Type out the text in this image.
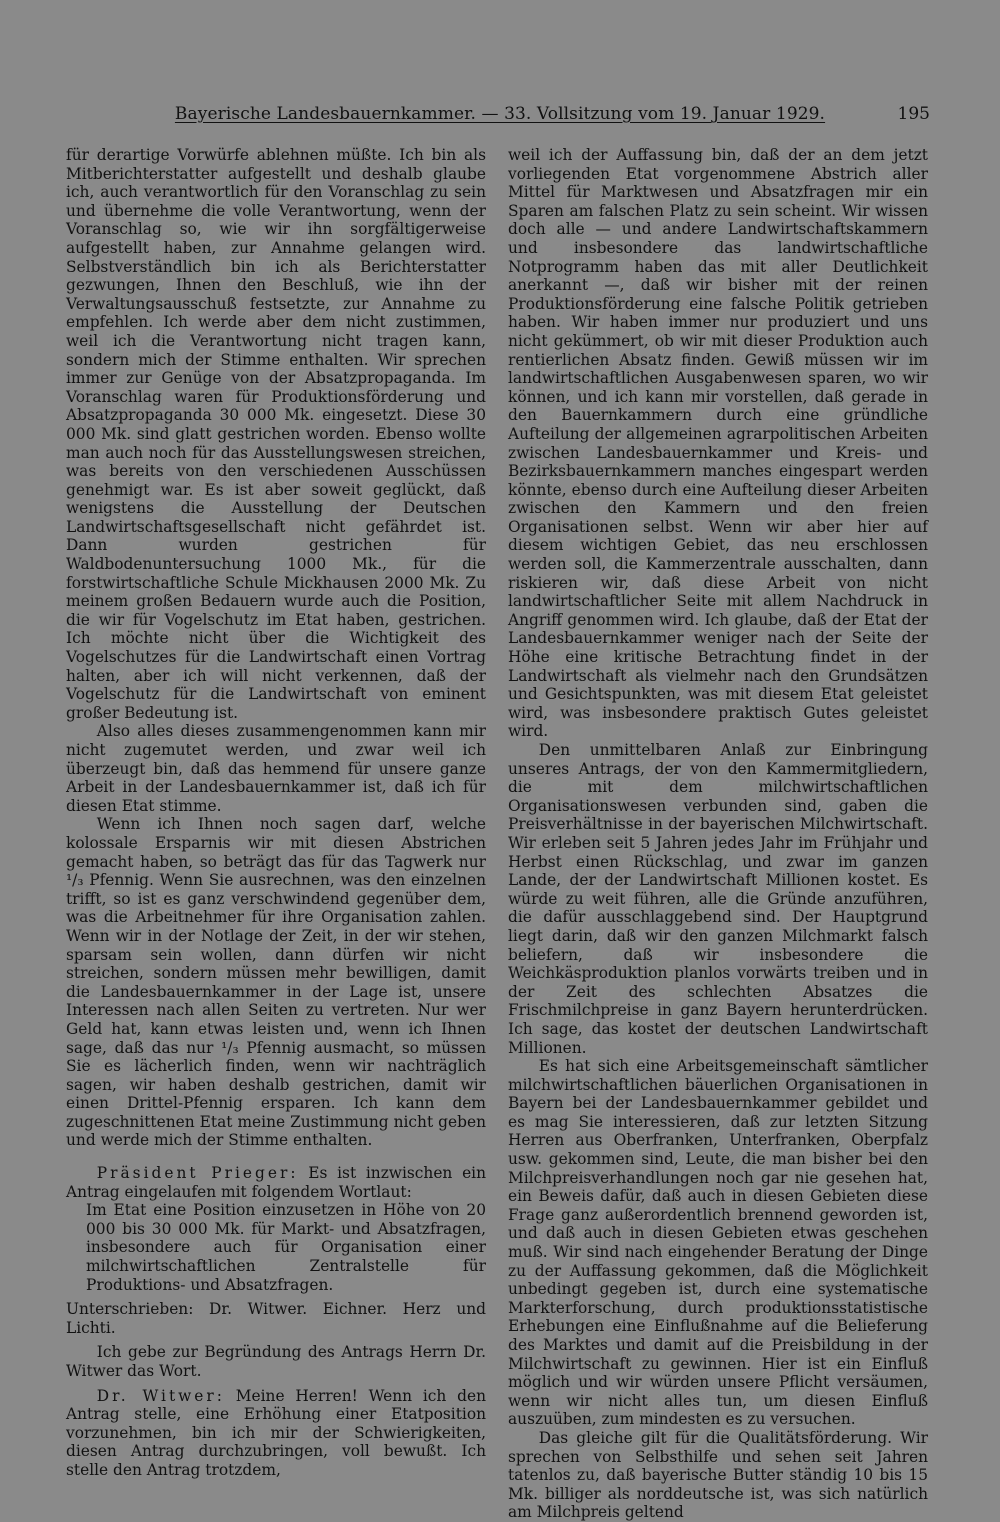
Bayerische Landesbauernkammer. — 33. Vollsitzung vom 19. Januar 1929.	195

für derartige Vorwürfe ablehnen müßte. Ich bin als Mitberichterstatter aufgestellt und deshalb glaube ich, auch verantwortlich für den Voranschlag zu sein und übernehme die volle Verantwortung, wenn der Voranschlag so, wie wir ihn sorgfältigerweise aufgestellt haben, zur Annahme gelangen wird. Selbstverständlich bin ich als Berichterstatter gezwungen, Ihnen den Beschluß, wie ihn der Verwaltungsausschuß festsetzte, zur Annahme zu empfehlen. Ich werde aber dem nicht zustimmen, weil ich die Verantwortung nicht tragen kann, sondern mich der Stimme enthalten. Wir sprechen immer zur Genüge von der Absatzpropaganda. Im Voranschlag waren für Produktionsförderung und Absatzpropaganda 30 000 Mk. eingesetzt. Diese 30 000 Mk. sind glatt gestrichen worden. Ebenso wollte man auch noch für das Ausstellungswesen streichen, was bereits von den verschiedenen Ausschüssen genehmigt war. Es ist aber soweit geglückt, daß wenigstens die Ausstellung der Deutschen Landwirtschaftsgesellschaft nicht gefährdet ist. Dann wurden gestrichen für Waldbodenuntersuchung 1000 Mk., für die forstwirtschaftliche Schule Mickhausen 2000 Mk. Zu meinem großen Bedauern wurde auch die Position, die wir für Vogelschutz im Etat haben, gestrichen. Ich möchte nicht über die Wichtigkeit des Vogelschutzes für die Landwirtschaft einen Vortrag halten, aber ich will nicht verkennen, daß der Vogelschutz für die Landwirtschaft von eminent großer Bedeutung ist.

Also alles dieses zusammengenommen kann mir nicht zugemutet werden, und zwar weil ich überzeugt bin, daß das hemmend für unsere ganze Arbeit in der Landesbauernkammer ist, daß ich für diesen Etat stimme.

Wenn ich Ihnen noch sagen darf, welche kolossale Ersparnis wir mit diesen Abstrichen gemacht haben, so beträgt das für das Tagwerk nur ¹/₃ Pfennig. Wenn Sie ausrechnen, was den einzelnen trifft, so ist es ganz verschwindend gegenüber dem, was die Arbeitnehmer für ihre Organisation zahlen. Wenn wir in der Notlage der Zeit, in der wir stehen, sparsam sein wollen, dann dürfen wir nicht streichen, sondern müssen mehr bewilligen, damit die Landesbauernkammer in der Lage ist, unsere Interessen nach allen Seiten zu vertreten. Nur wer Geld hat, kann etwas leisten und, wenn ich Ihnen sage, daß das nur ¹/₃ Pfennig ausmacht, so müssen Sie es lächerlich finden, wenn wir nachträglich sagen, wir haben deshalb gestrichen, damit wir einen Drittel-Pfennig ersparen. Ich kann dem zugeschnittenen Etat meine Zustimmung nicht geben und werde mich der Stimme enthalten.

Präsident Prieger: Es ist inzwischen ein Antrag eingelaufen mit folgendem Wortlaut:

Im Etat eine Position einzusetzen in Höhe von 20 000 bis 30 000 Mk. für Markt- und Absatzfragen, insbesondere auch für Organisation einer milchwirtschaftlichen Zentralstelle für Produktions- und Absatzfragen.

Unterschrieben: Dr. Witwer. Eichner. Herz und Lichti.

Ich gebe zur Begründung des Antrags Herrn Dr. Witwer das Wort.

Dr. Witwer: Meine Herren! Wenn ich den Antrag stelle, eine Erhöhung einer Etatposition vorzunehmen, bin ich mir der Schwierigkeiten, diesen Antrag durchzubringen, voll bewußt. Ich stelle den Antrag trotzdem,

weil ich der Auffassung bin, daß der an dem jetzt vorliegenden Etat vorgenommene Abstrich aller Mittel für Marktwesen und Absatzfragen mir ein Sparen am falschen Platz zu sein scheint. Wir wissen doch alle — und andere Landwirtschaftskammern und insbesondere das landwirtschaftliche Notprogramm haben das mit aller Deutlichkeit anerkannt —, daß wir bisher mit der reinen Produktionsförderung eine falsche Politik getrieben haben. Wir haben immer nur produziert und uns nicht gekümmert, ob wir mit dieser Produktion auch rentierlichen Absatz finden. Gewiß müssen wir im landwirtschaftlichen Ausgabenwesen sparen, wo wir können, und ich kann mir vorstellen, daß gerade in den Bauernkammern durch eine gründliche Aufteilung der allgemeinen agrarpolitischen Arbeiten zwischen Landesbauernkammer und Kreis- und Bezirksbauernkammern manches eingespart werden könnte, ebenso durch eine Aufteilung dieser Arbeiten zwischen den Kammern und den freien Organisationen selbst. Wenn wir aber hier auf diesem wichtigen Gebiet, das neu erschlossen werden soll, die Kammerzentrale ausschalten, dann riskieren wir, daß diese Arbeit von nicht landwirtschaftlicher Seite mit allem Nachdruck in Angriff genommen wird. Ich glaube, daß der Etat der Landesbauernkammer weniger nach der Seite der Höhe eine kritische Betrachtung findet in der Landwirtschaft als vielmehr nach den Grundsätzen und Gesichtspunkten, was mit diesem Etat geleistet wird, was insbesondere praktisch Gutes geleistet wird.

Den unmittelbaren Anlaß zur Einbringung unseres Antrags, der von den Kammermitgliedern, die mit dem milchwirtschaftlichen Organisationswesen verbunden sind, gaben die Preisverhältnisse in der bayerischen Milchwirtschaft. Wir erleben seit 5 Jahren jedes Jahr im Frühjahr und Herbst einen Rückschlag, und zwar im ganzen Lande, der der Landwirtschaft Millionen kostet. Es würde zu weit führen, alle die Gründe anzuführen, die dafür ausschlaggebend sind. Der Hauptgrund liegt darin, daß wir den ganzen Milchmarkt falsch beliefern, daß wir insbesondere die Weichkäsproduktion planlos vorwärts treiben und in der Zeit des schlechten Absatzes die Frischmilchpreise in ganz Bayern herunterdrücken. Ich sage, das kostet der deutschen Landwirtschaft Millionen.

Es hat sich eine Arbeitsgemeinschaft sämtlicher milchwirtschaftlichen bäuerlichen Organisationen in Bayern bei der Landesbauernkammer gebildet und es mag Sie interessieren, daß zur letzten Sitzung Herren aus Oberfranken, Unterfranken, Oberpfalz usw. gekommen sind, Leute, die man bisher bei den Milchpreisverhandlungen noch gar nie gesehen hat, ein Beweis dafür, daß auch in diesen Gebieten diese Frage ganz außerordentlich brennend geworden ist, und daß auch in diesen Gebieten etwas geschehen muß. Wir sind nach eingehender Beratung der Dinge zu der Auffassung gekommen, daß die Möglichkeit unbedingt gegeben ist, durch eine systematische Markterforschung, durch produktionsstatistische Erhebungen eine Einflußnahme auf die Belieferung des Marktes und damit auf die Preisbildung in der Milchwirtschaft zu gewinnen. Hier ist ein Einfluß möglich und wir würden unsere Pflicht versäumen, wenn wir nicht alles tun, um diesen Einfluß auszuüben, zum mindesten es zu versuchen.

Das gleiche gilt für die Qualitätsförderung. Wir sprechen von Selbsthilfe und sehen seit Jahren tatenlos zu, daß bayerische Butter ständig 10 bis 15 Mk. billiger als norddeutsche ist, was sich natürlich am Milchpreis geltend
